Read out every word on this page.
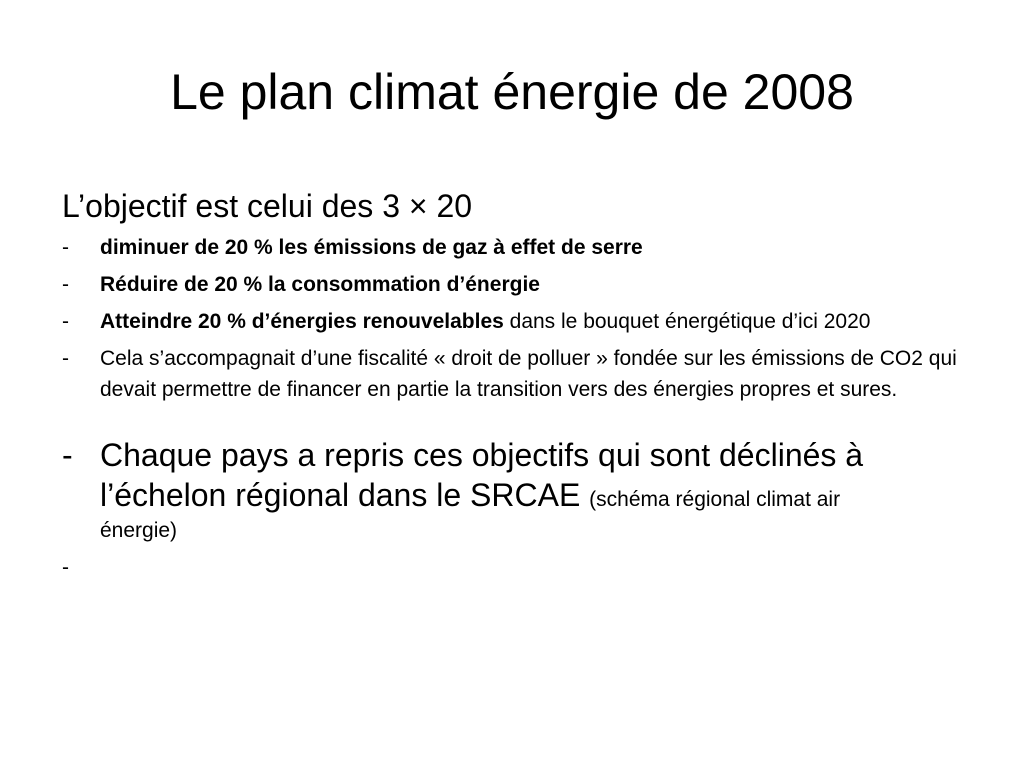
Le plan climat énergie de 2008

L’objectif est celui des 3 × 20

- diminuer de 20 % les émissions de gaz à effet de serre
- Réduire de 20 % la consommation d’énergie
- Atteindre 20 % d’énergies renouvelables dans le bouquet énergétique d’ici 2020
- Cela s’accompagnait d’une fiscalité « droit de polluer » fondée sur les émissions de CO2 qui devait permettre de financer en partie la transition vers des énergies propres et sures.
- Chaque pays a repris ces objectifs qui sont déclinés à l’échelon régional dans le SRCAE (schéma régional climat air
énergie)
-
